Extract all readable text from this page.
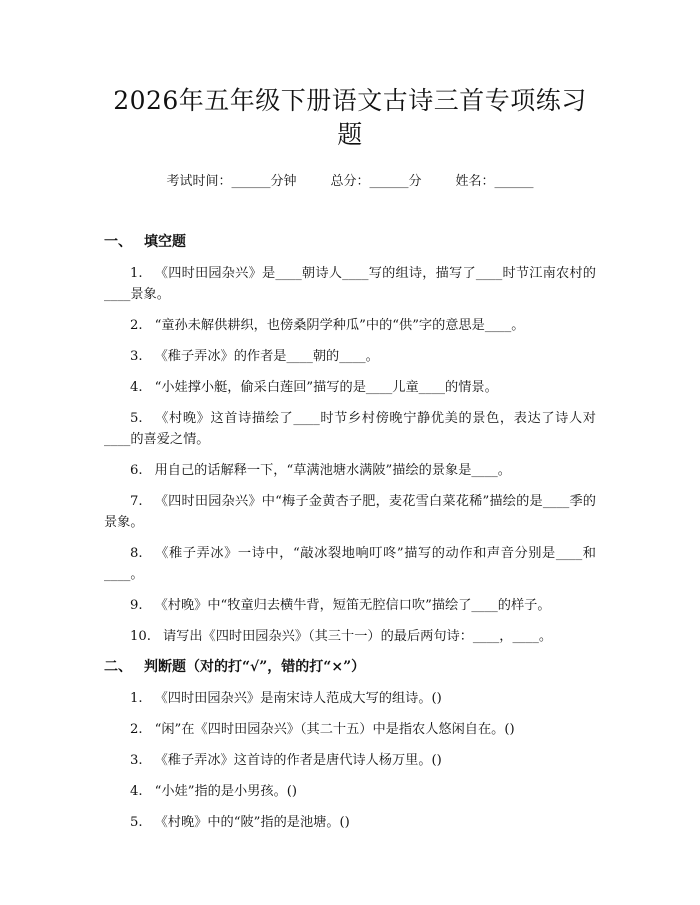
2026年五年级下册语文古诗三首专项练习题
考试时间：______分钟	总分：______分	姓名：______
一、 填空题
1. 《四时田园杂兴》是____朝诗人____写的组诗，描写了____时节江南农村的____景象。
2. “童孙未解供耕织，也傍桑阴学种瓜”中的“供”字的意思是____。
3. 《稚子弄冰》的作者是____朝的____。
4. “小娃撑小艇，偷采白莲回”描写的是____儿童____的情景。
5. 《村晚》这首诗描绘了____时节乡村傍晚宁静优美的景色，表达了诗人对____的喜爱之情。
6. 用自己的话解释一下，“草满池塘水满陂”描绘的景象是____。
7. 《四时田园杂兴》中“梅子金黄杏子肥，麦花雪白菜花稀”描绘的是____季的景象。
8. 《稚子弄冰》一诗中，“敲冰裂地响叮咚”描写的动作和声音分别是____和____。
9. 《村晚》中“牧童归去横牛背，短笛无腔信口吹”描绘了____的样子。
10. 请写出《四时田园杂兴》（其三十一）的最后两句诗：____，____。
二、 判断题（对的打“√”，错的打“×”）
1. 《四时田园杂兴》是南宋诗人范成大写的组诗。()
2. “闲”在《四时田园杂兴》（其二十五）中是指农人悠闲自在。()
3. 《稚子弄冰》这首诗的作者是唐代诗人杨万里。()
4. “小娃”指的是小男孩。()
5. 《村晚》中的“陂”指的是池塘。()
